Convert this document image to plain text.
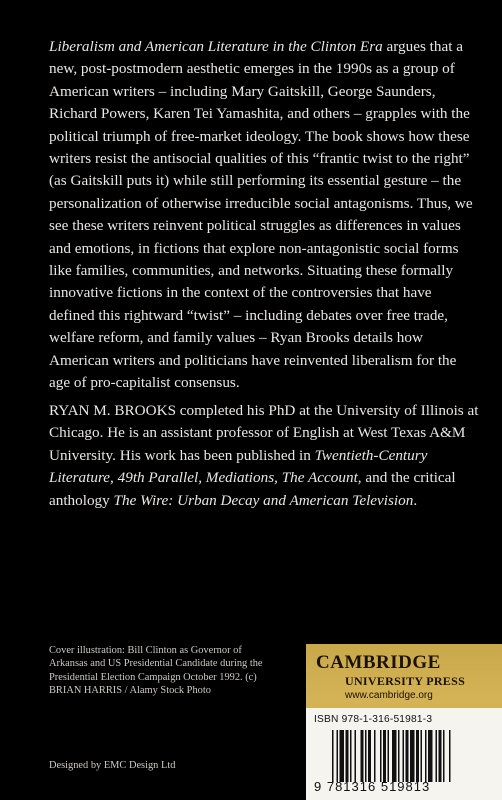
Liberalism and American Literature in the Clinton Era argues that a new, post-postmodern aesthetic emerges in the 1990s as a group of American writers – including Mary Gaitskill, George Saunders, Richard Powers, Karen Tei Yamashita, and others – grapples with the political triumph of free-market ideology. The book shows how these writers resist the antisocial qualities of this “frantic twist to the right” (as Gaitskill puts it) while still performing its essential gesture – the personalization of otherwise irreducible social antagonisms. Thus, we see these writers reinvent political struggles as differences in values and emotions, in fictions that explore non-antagonistic social forms like families, communities, and networks. Situating these formally innovative fictions in the context of the controversies that have defined this rightward “twist” – including debates over free trade, welfare reform, and family values – Ryan Brooks details how American writers and politicians have reinvented liberalism for the age of pro-capitalist consensus.

RYAN M. BROOKS completed his PhD at the University of Illinois at Chicago. He is an assistant professor of English at West Texas A&M University. His work has been published in Twentieth-Century Literature, 49th Parallel, Mediations, The Account, and the critical anthology The Wire: Urban Decay and American Television.

Cover illustration: Bill Clinton as Governor of Arkansas and US Presidential Candidate during the Presidential Election Campaign October 1992. (c) BRIAN HARRIS / Alamy Stock Photo

Designed by EMC Design Ltd

CAMBRIDGE
UNIVERSITY PRESS
www.cambridge.org
ISBN 978-1-316-51981-3
9 781316 519813
